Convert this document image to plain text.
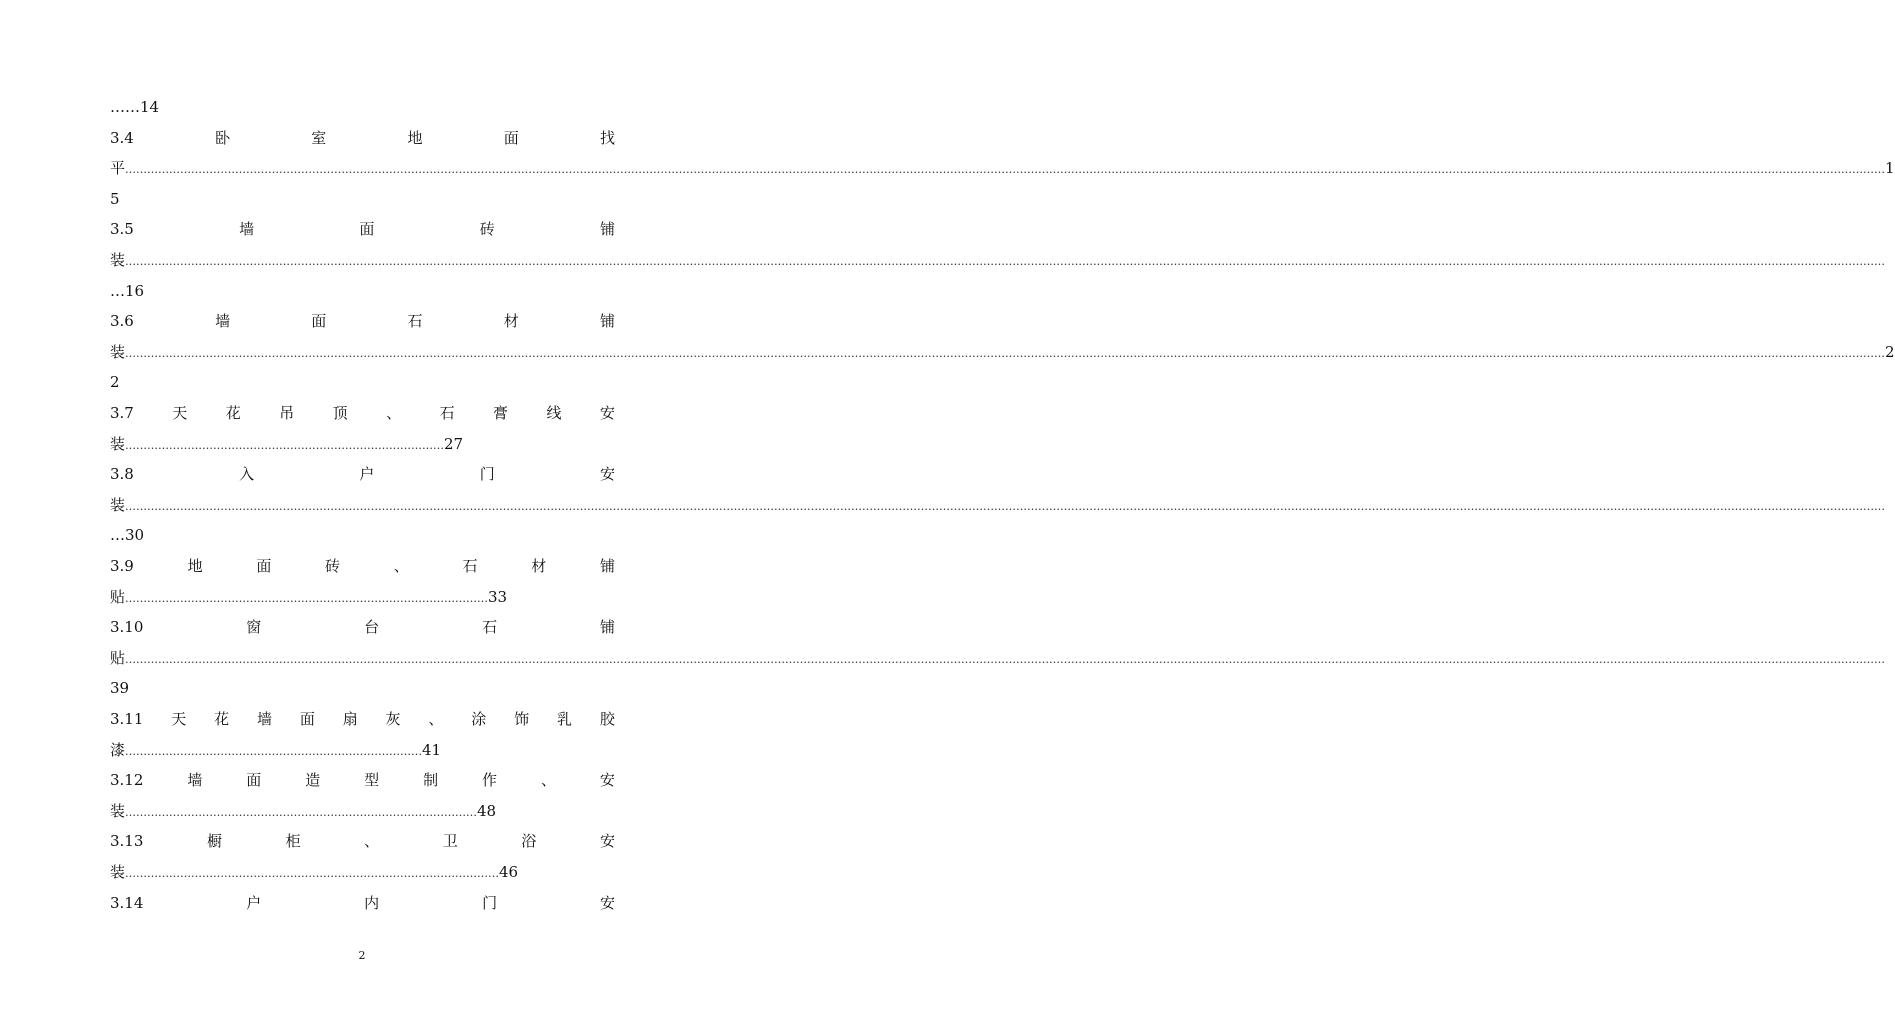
……14
3.4	卧	室	地	面	找
平 ………………………………………………………………………………………………………………………………………………………………………………………………………………………………………………………………………………………………………………………………………………………………………………………………………………………………………… 1
5
3.5	墙	面	砖	铺
装 …………………………………………………………………………………………………………………………………………………………………………………………………………………………………………………………………………………………………………………………………………………………………………………………………………………………………………
…16
3.6	墙	面	石	材	铺
装 ………………………………………………………………………………………………………………………………………………………………………………………………………………………………………………………………………………………………………………………………………………………………………………………………………………………………………… 2
2
3.7	天	花	吊	顶	、	石	膏	线	安
装 …………………………………………………………………………… 27
3.8	入	户	门	安
装 …………………………………………………………………………………………………………………………………………………………………………………………………………………………………………………………………………………………………………………………………………………………………………………………………………………………………………
…30
3.9	地	面	砖	、	石	材	铺
贴 ……………………………………………………………………………………… 33
3.10	窗	台	石	铺
贴 …………………………………………………………………………………………………………………………………………………………………………………………………………………………………………………………………………………………………………………………………………………………………………………………………………………………………………
39
3.11 天 花 墙 面 扇 灰 、 涂 饰 乳 胶
漆 ……………………………………………………………………… 41
3.12	墙	面	造	型	制	作	、	安
装 …………………………………………………………………………………… 48
3.13	橱	柜	、	卫	浴	安
装 ………………………………………………………………………………………… 46
3.14	户	内	门	安
2
